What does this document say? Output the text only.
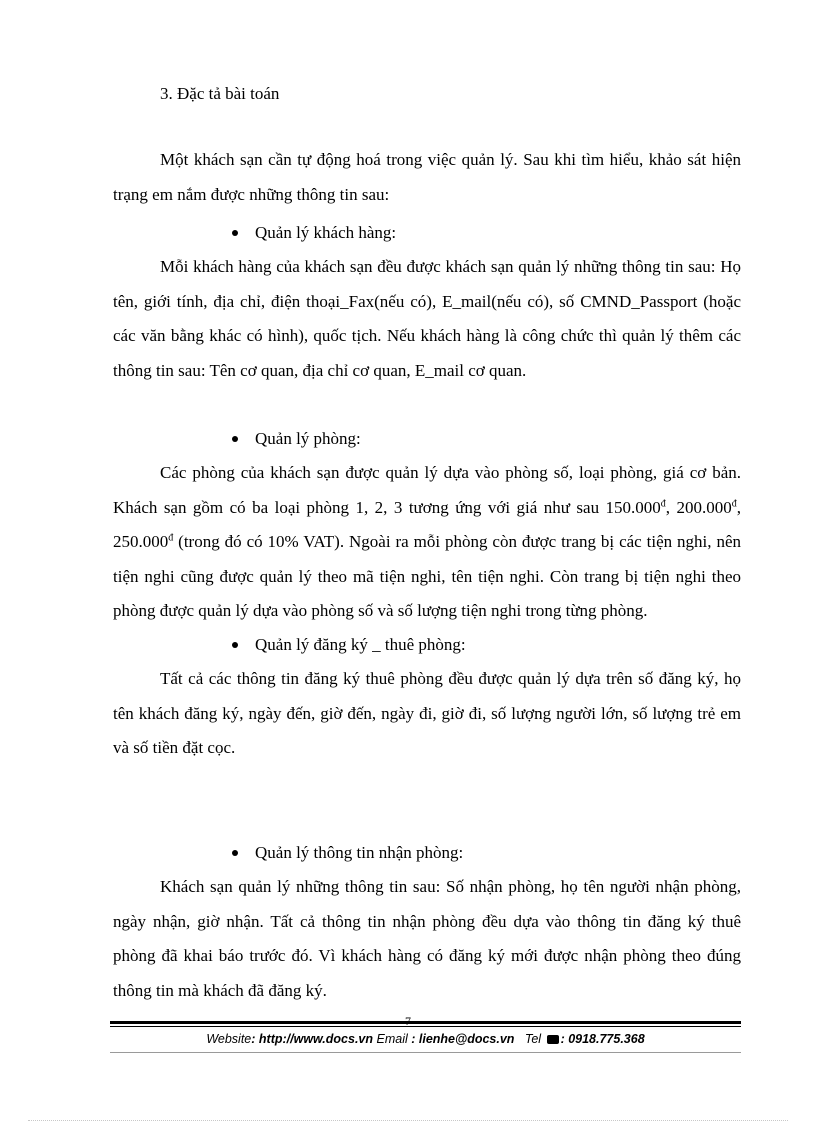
3. Đặc tả bài toán
Một khách sạn cần tự động hoá trong việc quản lý. Sau khi tìm hiểu, khảo sát hiện trạng em nắm được những thông tin sau:
Quản lý khách hàng:
Mỗi khách hàng của khách sạn đều được khách sạn quản lý những thông tin sau: Họ tên, giới tính, địa chỉ, điện thoại_Fax(nếu có), E_mail(nếu có), số CMND_Passport (hoặc các văn bằng khác có hình), quốc tịch. Nếu khách hàng là công chức thì quản lý thêm các thông tin sau: Tên cơ quan, địa chỉ cơ quan, E_mail cơ quan.
Quản lý phòng:
Các phòng của khách sạn được quản lý dựa vào phòng số, loại phòng, giá cơ bản. Khách sạn gồm có ba loại phòng 1, 2, 3 tương ứng với giá như sau $150.000^đ$, $200.000^đ$, $250.000^đ$ (trong đó có 10% VAT). Ngoài ra mỗi phòng còn được trang bị các tiện nghi, nên tiện nghi cũng được quản lý theo mã tiện nghi, tên tiện nghi. Còn trang bị tiện nghi theo phòng được quản lý dựa vào phòng số và số lượng tiện nghi trong từng phòng.
Quản lý đăng ký _ thuê phòng:
Tất cả các thông tin đăng ký thuê phòng đều được quản lý dựa trên số đăng ký, họ tên khách đăng ký, ngày đến, giờ đến, ngày đi, giờ đi, số lượng người lớn, số lượng trẻ em và số tiền đặt cọc.
Quản lý thông tin nhận phòng:
Khách sạn quản lý những thông tin sau: Số nhận phòng, họ tên người nhận phòng, ngày nhận, giờ nhận. Tất cả thông tin nhận phòng đều dựa vào thông tin đăng ký thuê phòng đã khai báo trước đó. Vì khách hàng có đăng ký mới được nhận phòng theo đúng thông tin mà khách đã đăng ký.
7
Website: http://www.docs.vn Email : lienhe@docs.vn Tel : 0918.775.368
